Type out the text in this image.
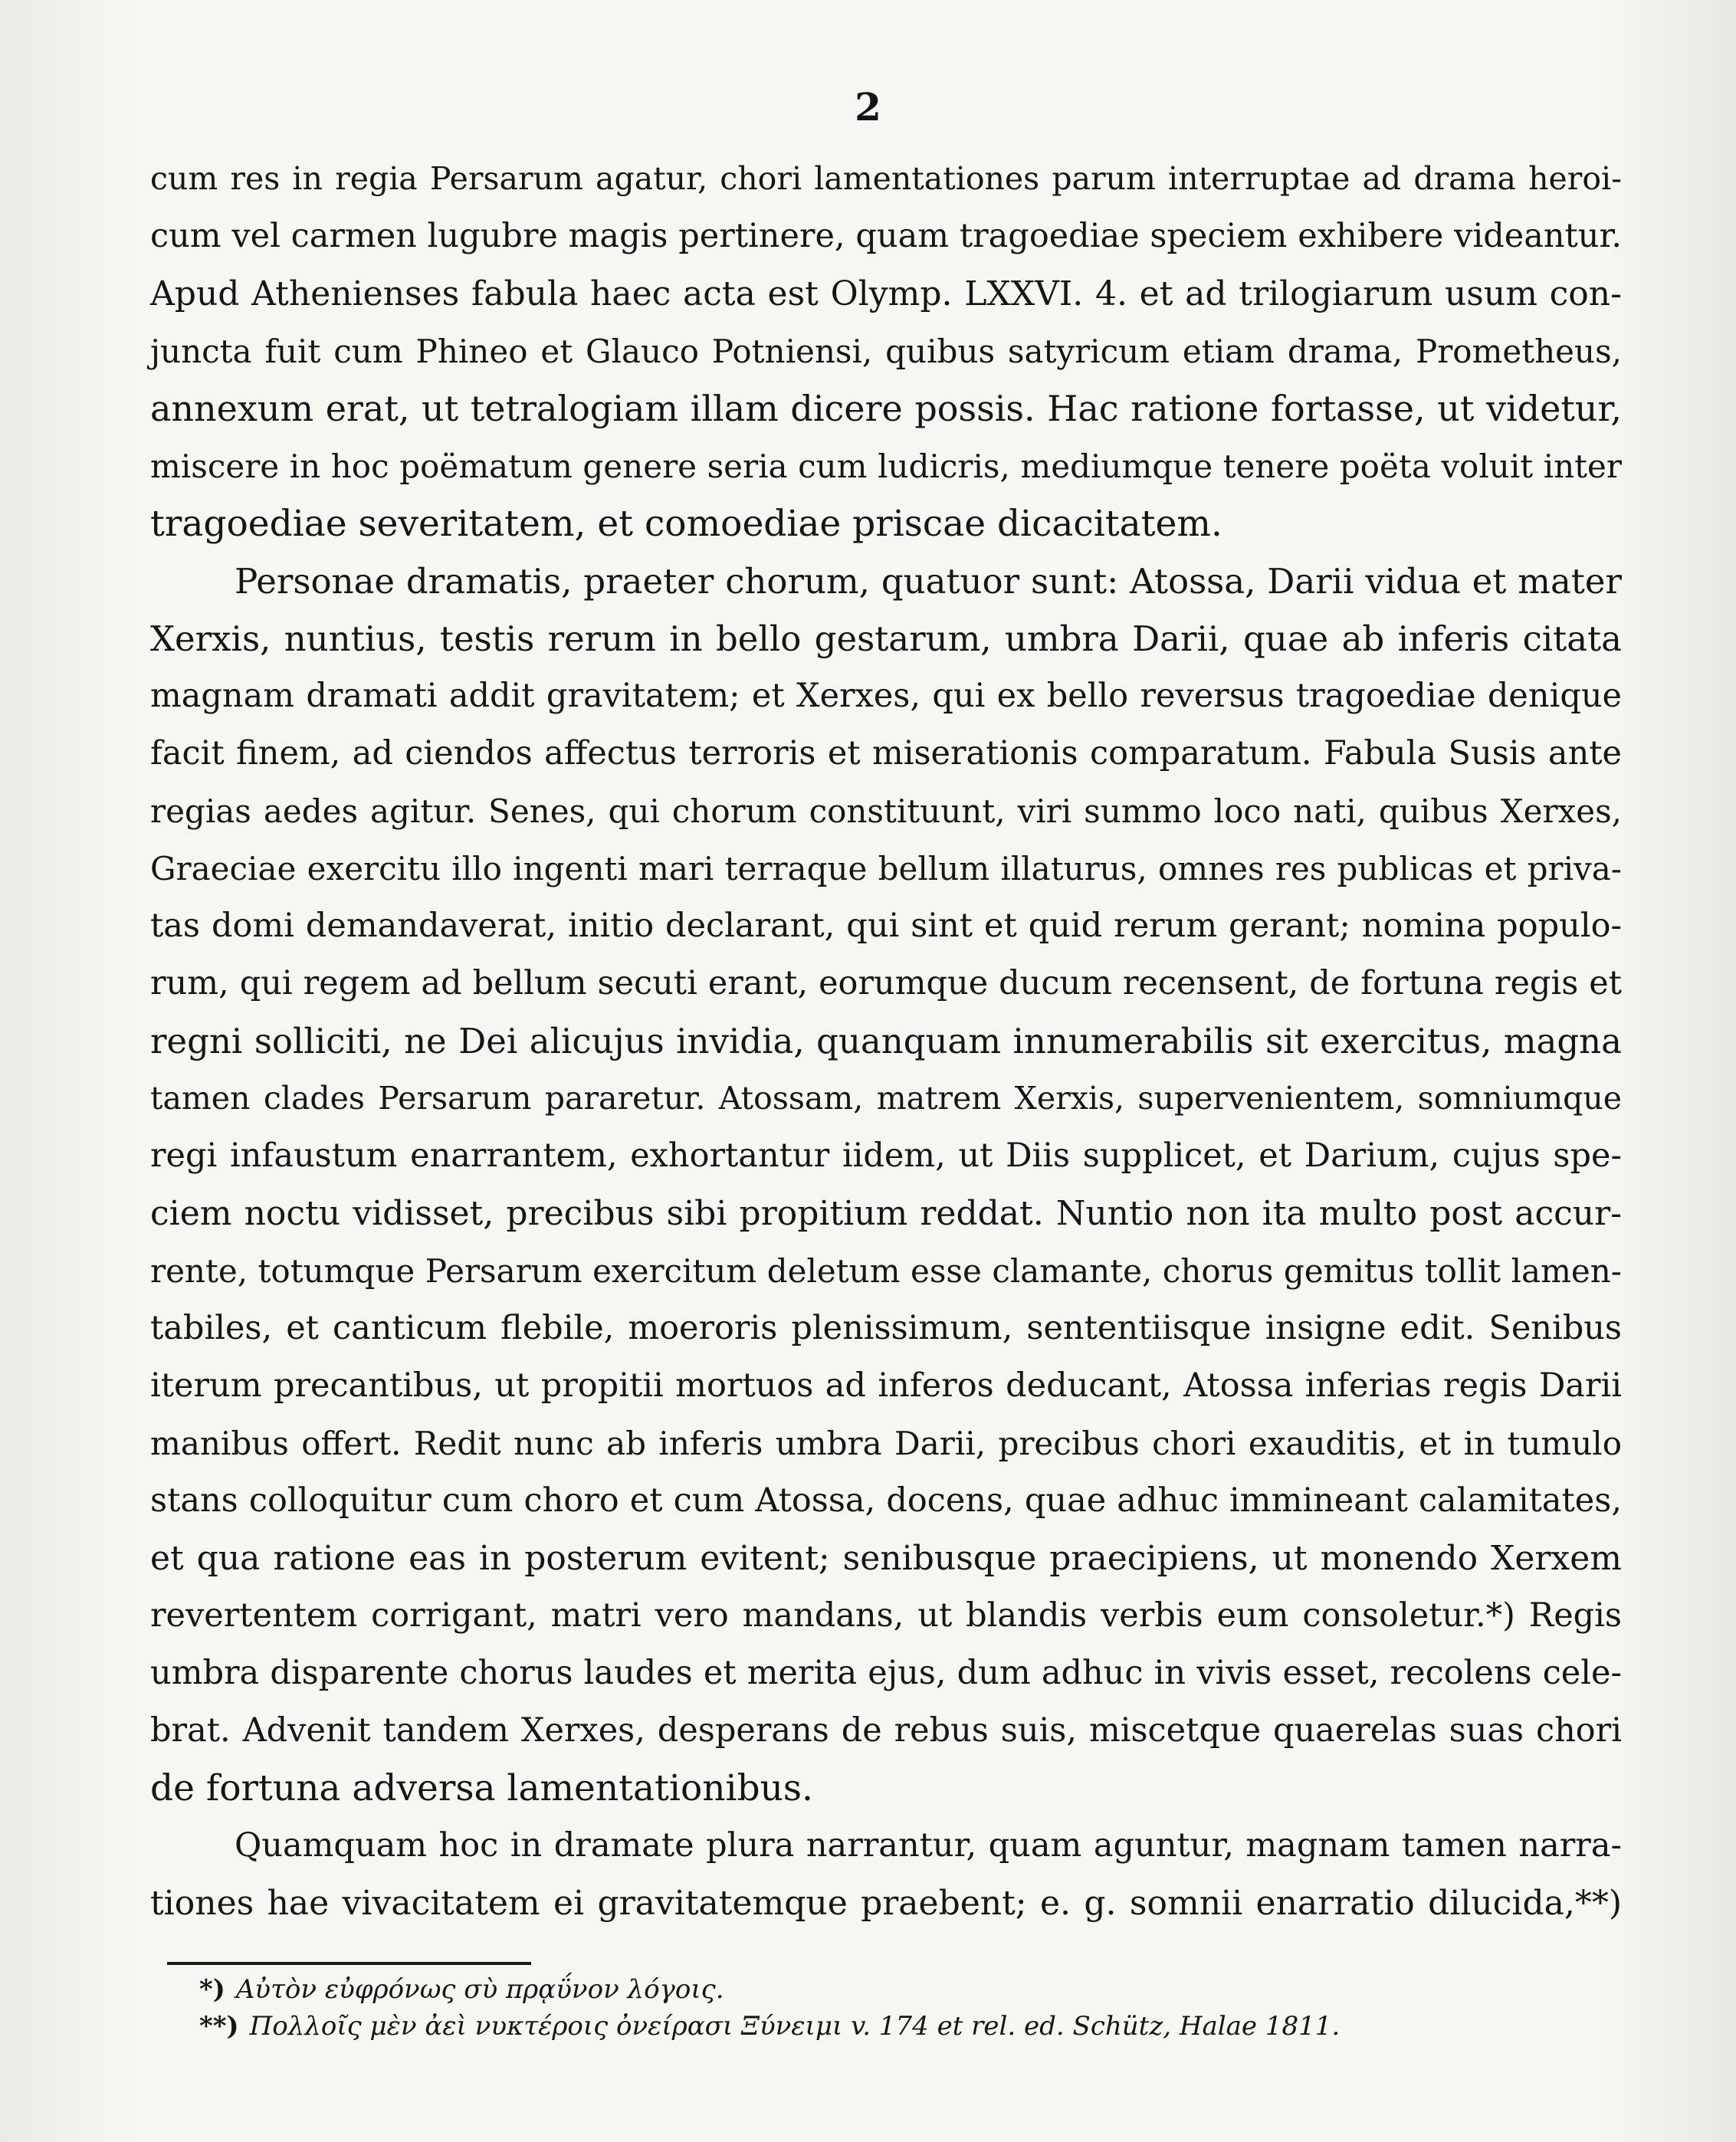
2

cum res in regia Persarum agatur, chori lamentationes parum interruptae ad drama heroi-
cum vel carmen lugubre magis pertinere, quam tragoediae speciem exhibere videantur.
Apud Athenienses fabula haec acta est Olymp. LXXVI. 4. et ad trilogiarum usum con-
juncta fuit cum Phineo et Glauco Potniensi, quibus satyricum etiam drama, Prometheus,
annexum erat, ut tetralogiam illam dicere possis. Hac ratione fortasse, ut videtur,
miscere in hoc poëmatum genere seria cum ludicris, mediumque tenere poëta voluit inter
tragoediae severitatem, et comoediae priscae dicacitatem.
Personae dramatis, praeter chorum, quatuor sunt: Atossa, Darii vidua et mater
Xerxis, nuntius, testis rerum in bello gestarum, umbra Darii, quae ab inferis citata
magnam dramati addit gravitatem; et Xerxes, qui ex bello reversus tragoediae denique
facit finem, ad ciendos affectus terroris et miserationis comparatum. Fabula Susis ante
regias aedes agitur. Senes, qui chorum constituunt, viri summo loco nati, quibus Xerxes,
Graeciae exercitu illo ingenti mari terraque bellum illaturus, omnes res publicas et priva-
tas domi demandaverat, initio declarant, qui sint et quid rerum gerant; nomina populo-
rum, qui regem ad bellum secuti erant, eorumque ducum recensent, de fortuna regis et
regni solliciti, ne Dei alicujus invidia, quanquam innumerabilis sit exercitus, magna
tamen clades Persarum pararetur. Atossam, matrem Xerxis, supervenientem, somniumque
regi infaustum enarrantem, exhortantur iidem, ut Diis supplicet, et Darium, cujus spe-
ciem noctu vidisset, precibus sibi propitium reddat. Nuntio non ita multo post accur-
rente, totumque Persarum exercitum deletum esse clamante, chorus gemitus tollit lamen-
tabiles, et canticum flebile, moeroris plenissimum, sententiisque insigne edit. Senibus
iterum precantibus, ut propitii mortuos ad inferos deducant, Atossa inferias regis Darii
manibus offert. Redit nunc ab inferis umbra Darii, precibus chori exauditis, et in tumulo
stans colloquitur cum choro et cum Atossa, docens, quae adhuc immineant calamitates,
et qua ratione eas in posterum evitent; senibusque praecipiens, ut monendo Xerxem
revertentem corrigant, matri vero mandans, ut blandis verbis eum consoletur.*) Regis
umbra disparente chorus laudes et merita ejus, dum adhuc in vivis esset, recolens cele-
brat. Advenit tandem Xerxes, desperans de rebus suis, miscetque quaerelas suas chori
de fortuna adversa lamentationibus.
Quamquam hoc in dramate plura narrantur, quam aguntur, magnam tamen narra-
tiones hae vivacitatem ei gravitatemque praebent; e. g. somnii enarratio dilucida,**)
*) Αὐτὸν εὐφρόνως σὺ πρᾳΰνον λόγοις.
**) Πολλοῖς μὲν ἀεὶ νυκτέροις ὀνείρασι Ξύνειμι v. 174 et rel. ed. Schütz, Halae 1811.
